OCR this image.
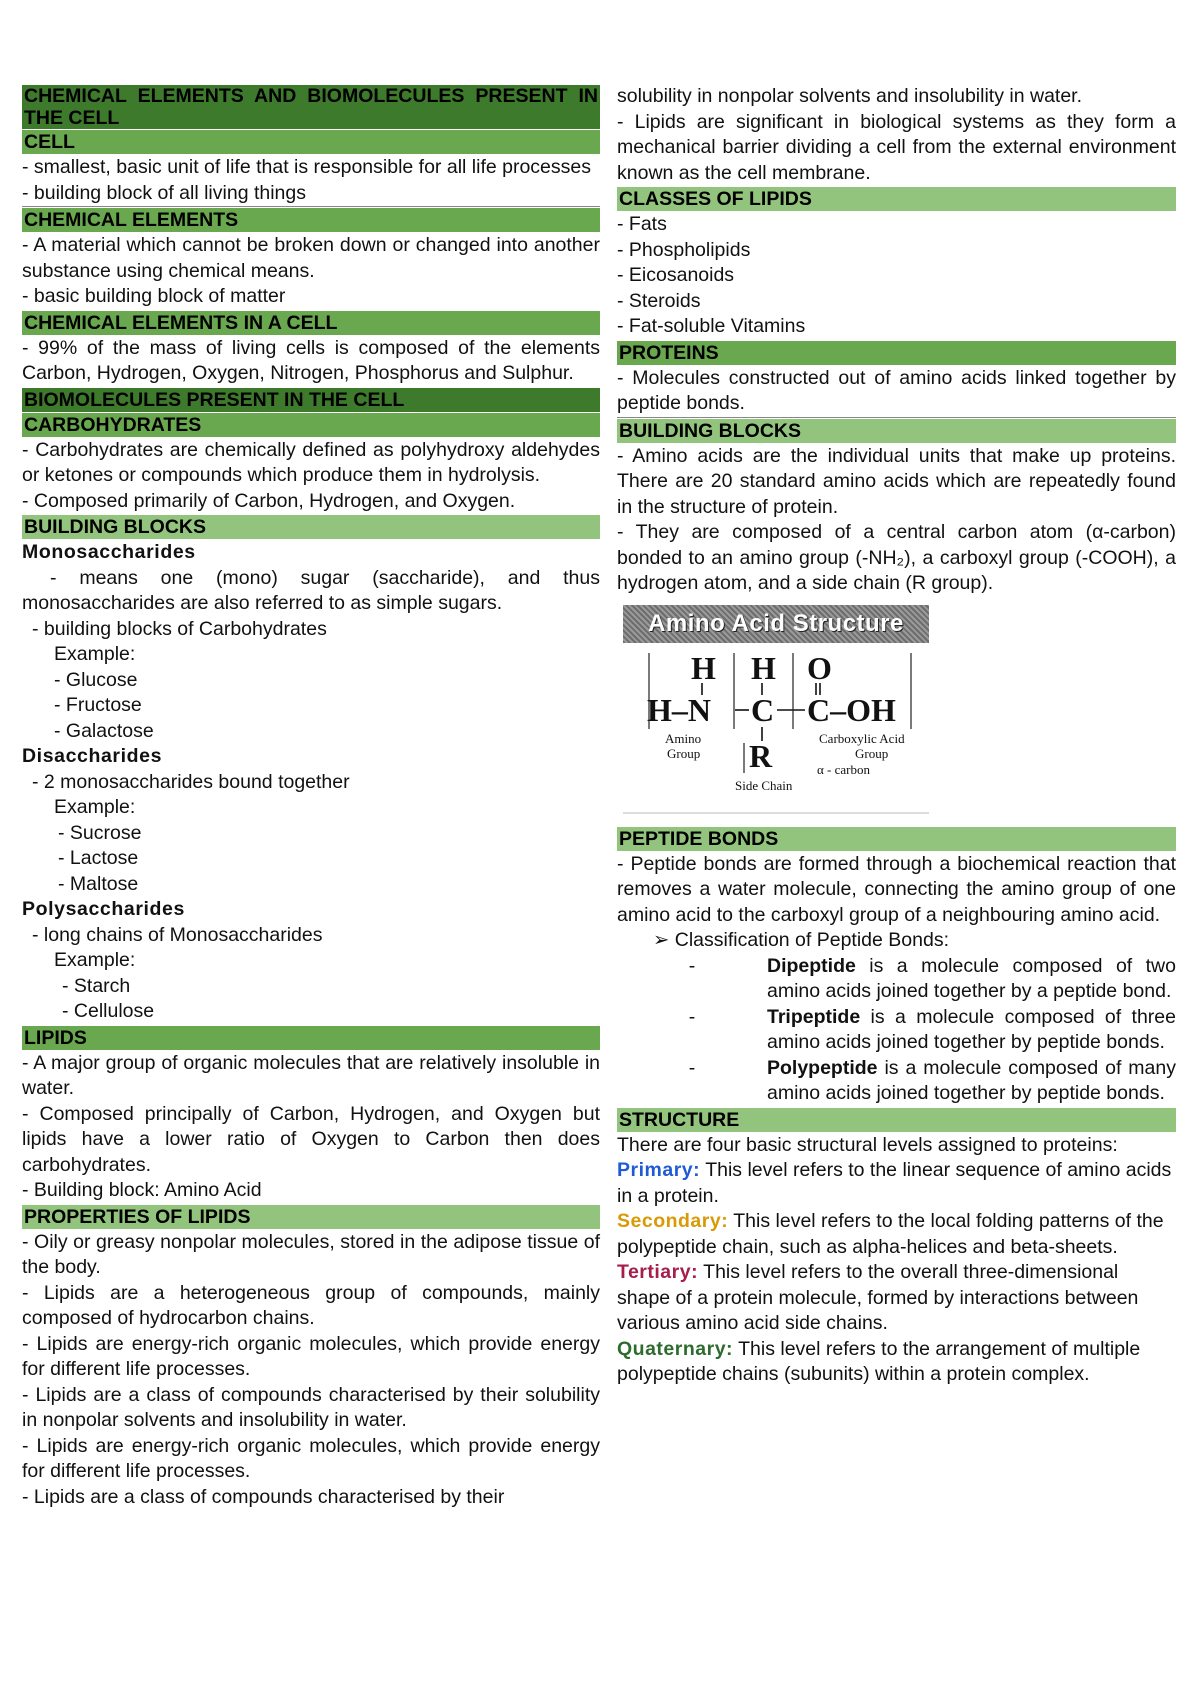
CHEMICAL ELEMENTS AND BIOMOLECULES PRESENT IN THE CELL
CELL

- smallest, basic unit of life that is responsible for all life processes

- building block of all living things

CHEMICAL ELEMENTS

- A material which cannot be broken down or changed into another substance using chemical means.

- basic building block of matter

CHEMICAL ELEMENTS IN A CELL

- 99% of the mass of living cells is composed of the elements Carbon, Hydrogen, Oxygen, Nitrogen, Phosphorus and Sulphur.

BIOMOLECULES PRESENT IN THE CELL
CARBOHYDRATES

- Carbohydrates are chemically defined as polyhydroxy aldehydes or ketones or compounds which produce them in hydrolysis.

- Composed primarily of Carbon, Hydrogen, and Oxygen.

BUILDING BLOCKS

Monosaccharides

- means one (mono) sugar (saccharide), and thus monosaccharides are also referred to as simple sugars.

- building blocks of Carbohydrates

Example:

- Glucose

- Fructose

- Galactose

Disaccharides

- 2 monosaccharides bound together

Example:

- Sucrose

- Lactose

- Maltose

Polysaccharides

- long chains of Monosaccharides

Example:

- Starch

- Cellulose

LIPIDS

- A major group of organic molecules that are relatively insoluble in water.

- Composed principally of Carbon, Hydrogen, and Oxygen but lipids have a lower ratio of Oxygen to Carbon then does carbohydrates.

- Building block: Amino Acid

PROPERTIES OF LIPIDS

- Oily or greasy nonpolar molecules, stored in the adipose tissue of the body.

- Lipids are a heterogeneous group of compounds, mainly composed of hydrocarbon chains.

- Lipids are energy-rich organic molecules, which provide energy for different life processes.

- Lipids are a class of compounds characterised by their solubility in nonpolar solvents and insolubility in water.

- Lipids are energy-rich organic molecules, which provide energy for different life processes.

- Lipids are a class of compounds characterised by their

solubility in nonpolar solvents and insolubility in water.

- Lipids are significant in biological systems as they form a mechanical barrier dividing a cell from the external environment known as the cell membrane.

CLASSES OF LIPIDS

- Fats

- Phospholipids

- Eicosanoids

- Steroids

- Fat-soluble Vitamins

PROTEINS

- Molecules constructed out of amino acids linked together by peptide bonds.

BUILDING BLOCKS

- Amino acids are the individual units that make up proteins. There are 20 standard amino acids which are repeatedly found in the structure of protein.

- They are composed of a central carbon atom (α-carbon) bonded to an amino group (-NH₂), a carboxyl group (-COOH), a hydrogen atom, and a side chain (R group).

Amino Acid Structure
H H O
H–N C C–OH
R
Amino
Group
Carboxylic Acid
Group
Side Chain
α - carbon
PEPTIDE BONDS

- Peptide bonds are formed through a biochemical reaction that removes a water molecule, connecting the amino group of one amino acid to the carboxyl group of a neighbouring amino acid.

➢ Classification of Peptide Bonds:

-	Dipeptide is a molecule composed of two amino acids joined together by a peptide bond.
-	Tripeptide is a molecule composed of three amino acids joined together by peptide bonds.
-	Polypeptide is a molecule composed of many amino acids joined together by peptide bonds.
STRUCTURE

There are four basic structural levels assigned to proteins:

Primary: This level refers to the linear sequence of amino acids in a protein.

Secondary: This level refers to the local folding patterns of the polypeptide chain, such as alpha-helices and beta-sheets.

Tertiary: This level refers to the overall three-dimensional shape of a protein molecule, formed by interactions between various amino acid side chains.

Quaternary: This level refers to the arrangement of multiple polypeptide chains (subunits) within a protein complex.
